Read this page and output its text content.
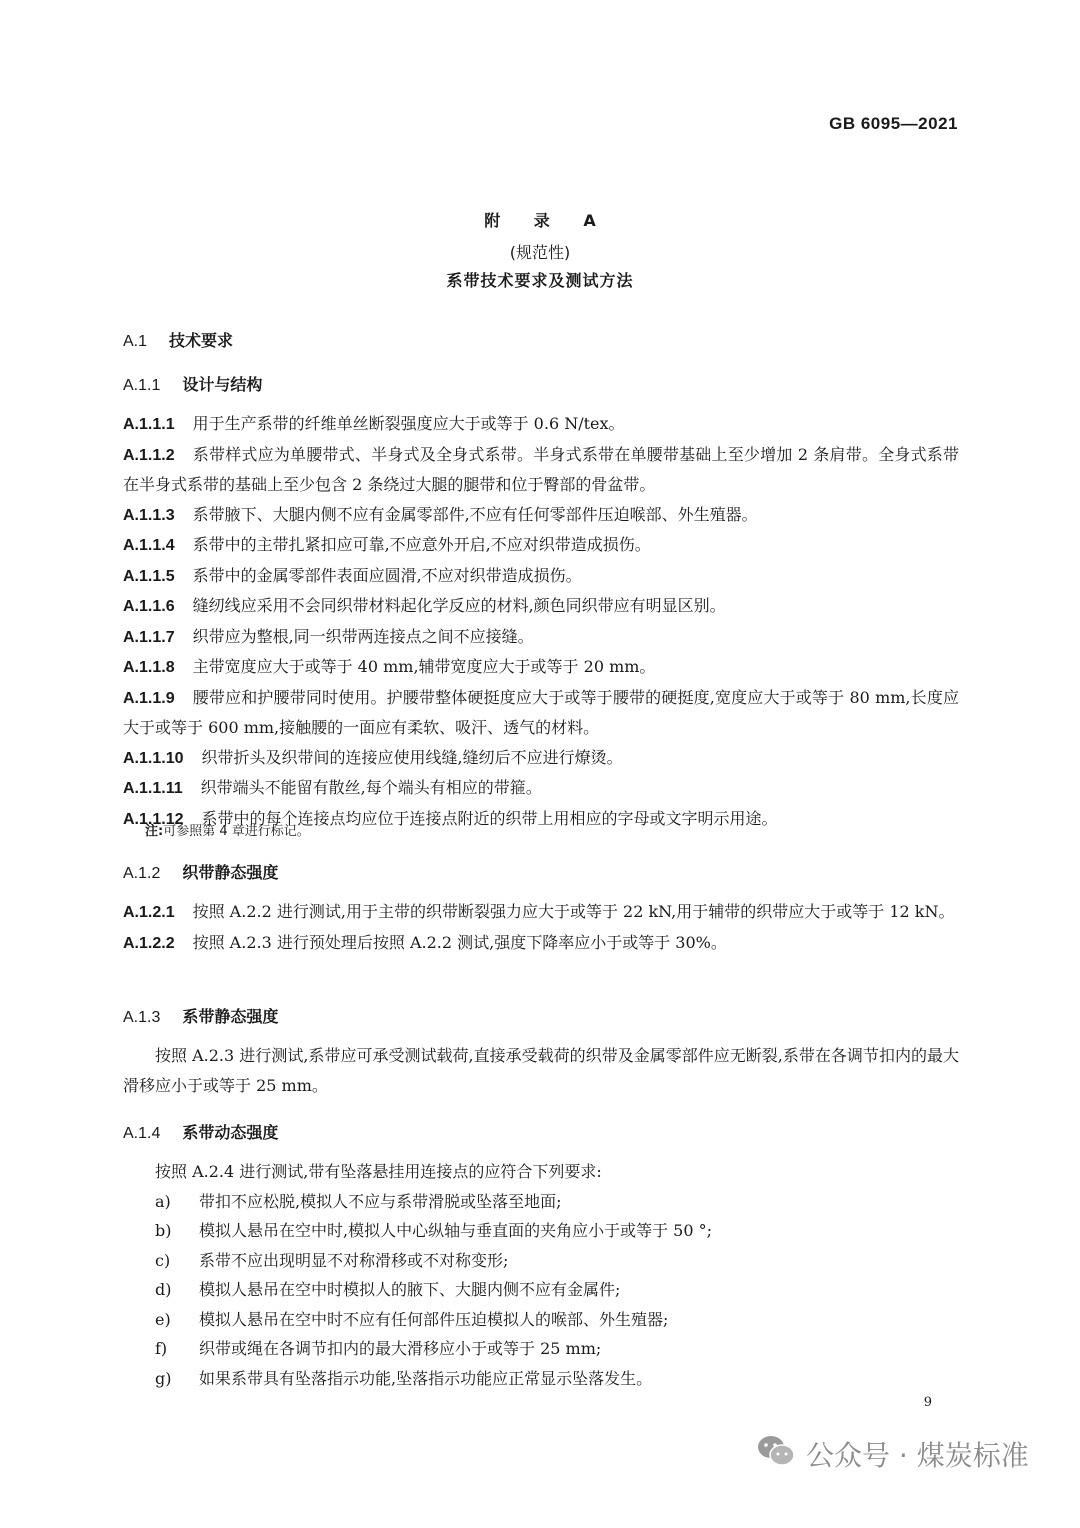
GB 6095—2021
附 录 A
(规范性)
系带技术要求及测试方法
A.1 技术要求
A.1.1 设计与结构
A.1.1.1 用于生产系带的纤维单丝断裂强度应大于或等于 0.6 N/tex。
A.1.1.2 系带样式应为单腰带式、半身式及全身式系带。半身式系带在单腰带基础上至少增加 2 条肩带。全身式系带在半身式系带的基础上至少包含 2 条绕过大腿的腿带和位于臀部的骨盆带。
A.1.1.3 系带腋下、大腿内侧不应有金属零部件,不应有任何零部件压迫喉部、外生殖器。
A.1.1.4 系带中的主带扎紧扣应可靠,不应意外开启,不应对织带造成损伤。
A.1.1.5 系带中的金属零部件表面应圆滑,不应对织带造成损伤。
A.1.1.6 缝纫线应采用不会同织带材料起化学反应的材料,颜色同织带应有明显区别。
A.1.1.7 织带应为整根,同一织带两连接点之间不应接缝。
A.1.1.8 主带宽度应大于或等于 40 mm,辅带宽度应大于或等于 20 mm。
A.1.1.9 腰带应和护腰带同时使用。护腰带整体硬挺度应大于或等于腰带的硬挺度,宽度应大于或等于 80 mm,长度应大于或等于 600 mm,接触腰的一面应有柔软、吸汗、透气的材料。
A.1.1.10 织带折头及织带间的连接应使用线缝,缝纫后不应进行燎烫。
A.1.1.11 织带端头不能留有散丝,每个端头有相应的带箍。
A.1.1.12 系带中的每个连接点均应位于连接点附近的织带上用相应的字母或文字明示用途。
注:可参照第 4 章进行标记。
A.1.2 织带静态强度
A.1.2.1 按照 A.2.2 进行测试,用于主带的织带断裂强力应大于或等于 22 kN,用于辅带的织带应大于或等于 12 kN。
A.1.2.2 按照 A.2.3 进行预处理后按照 A.2.2 测试,强度下降率应小于或等于 30%。
A.1.3 系带静态强度
按照 A.2.3 进行测试,系带应可承受测试载荷,直接承受载荷的织带及金属零部件应无断裂,系带在各调节扣内的最大滑移应小于或等于 25 mm。
A.1.4 系带动态强度
按照 A.2.4 进行测试,带有坠落悬挂用连接点的应符合下列要求:
a) 带扣不应松脱,模拟人不应与系带滑脱或坠落至地面;
b) 模拟人悬吊在空中时,模拟人中心纵轴与垂直面的夹角应小于或等于 50 °;
c) 系带不应出现明显不对称滑移或不对称变形;
d) 模拟人悬吊在空中时模拟人的腋下、大腿内侧不应有金属件;
e) 模拟人悬吊在空中时不应有任何部件压迫模拟人的喉部、外生殖器;
f) 织带或绳在各调节扣内的最大滑移应小于或等于 25 mm;
g) 如果系带具有坠落指示功能,坠落指示功能应正常显示坠落发生。
9
公众号 · 煤炭标准
